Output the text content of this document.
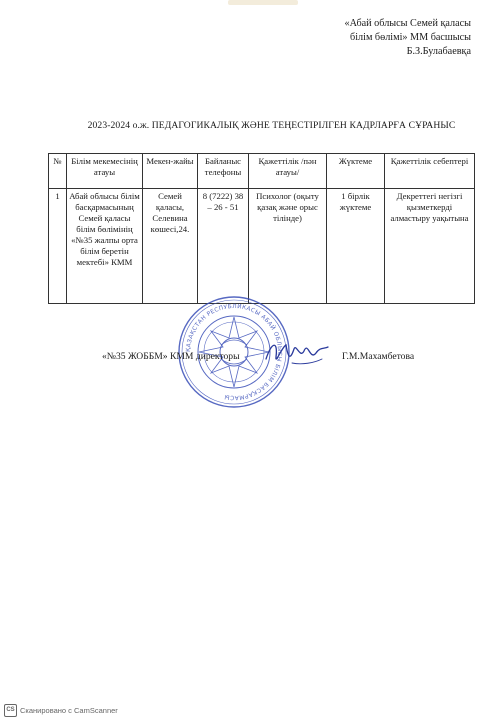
«Абай облысы Семей қаласы
білім бөлімі» ММ басшысы
Б.З.Булабаевқа
2023-2024 о.ж. ПЕДАГОГИКАЛЫҚ ЖӘНЕ ТЕҢЕСТІРІЛГЕН КАДРЛАРҒА СҰРАНЫС
№	Білім мекемесінің атауы	Мекен-жайы	Байланыс телефоны	Қажеттілік /пән атауы/	Жүктеме	Қажеттілік себептері
1	Абай облысы білім басқармасының Семей қаласы білім бөлімінің «№35 жалпы орта білім беретін мектебі» КММ	Семей қаласы, Селевина көшесі,24.	8 (7222) 38 – 26 - 51	Психолог (оқыту қазақ және орыс тілінде)	1 бірлік жүктеме	Декреттегі негізгі қызметкерді алмастыру уақытына
ҚАЗАҚСТАН РЕСПУБЛИКАСЫ АБАЙ ОБЛЫСЫ БІЛІМ БАСҚАРМАСЫ
«№35 ЖОББМ» КММ директоры	Г.М.Махамбетова
CS Сканировано с CamScanner
